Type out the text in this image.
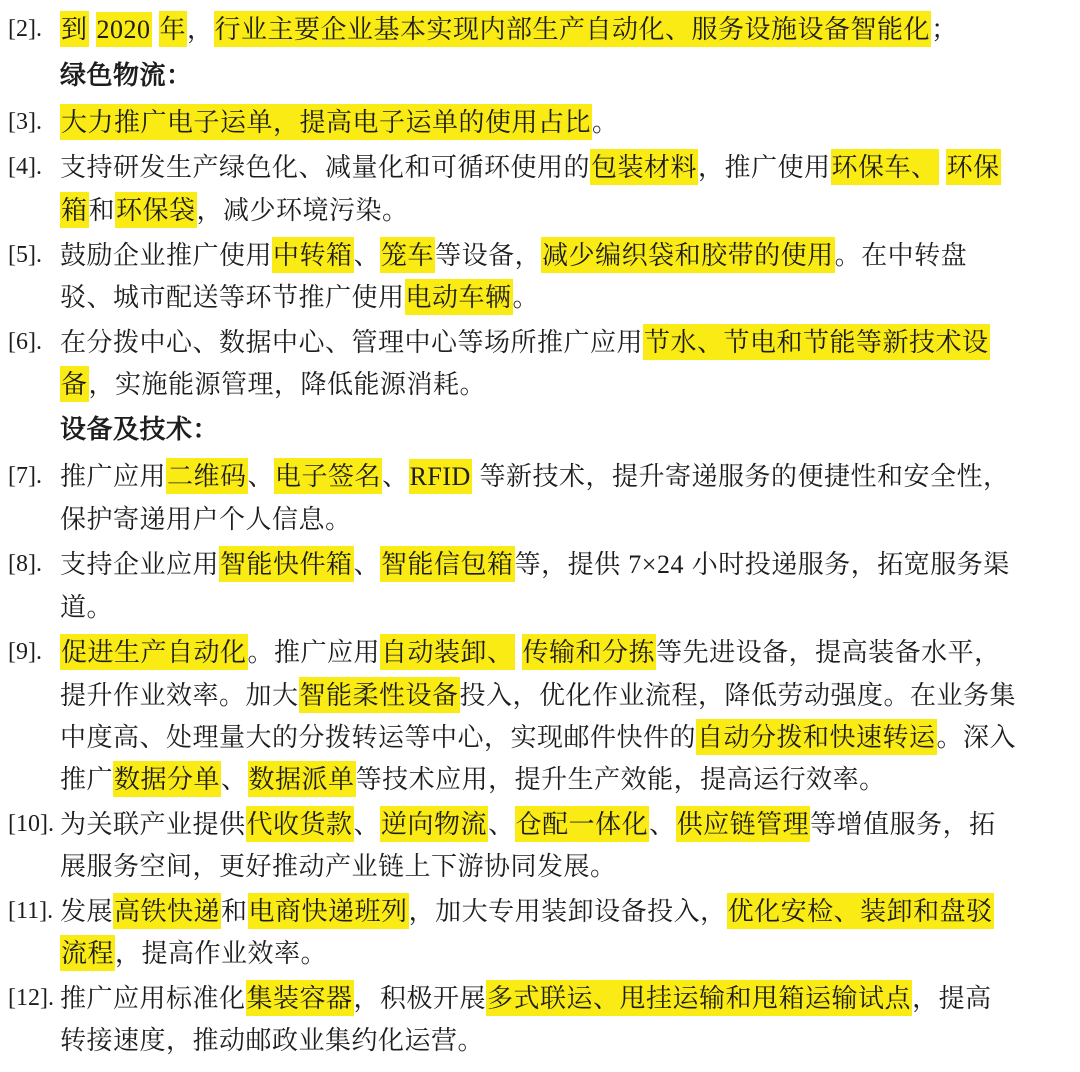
[2]. 到 2020 年，行业主要企业基本实现内部生产自动化、服务设施设备智能化；
绿色物流：
[3]. 大力推广电子运单，提高电子运单的使用占比。
[4]. 支持研发生产绿色化、减量化和可循环使用的包装材料，推广使用环保车、 环保箱和环保袋，减少环境污染。
[5]. 鼓励企业推广使用中转箱、笼车等设备，减少编织袋和胶带的使用。在中转盘驳、城市配送等环节推广使用电动车辆。
[6]. 在分拨中心、数据中心、管理中心等场所推广应用节水、节电和节能等新技术设备，实施能源管理，降低能源消耗。
设备及技术：
[7]. 推广应用二维码、电子签名、RFID 等新技术，提升寄递服务的便捷性和安全性，保护寄递用户个人信息。
[8]. 支持企业应用智能快件箱、智能信包箱等，提供 7×24 小时投递服务，拓宽服务渠道。
[9]. 促进生产自动化。推广应用自动装卸、 传输和分拣等先进设备，提高装备水平，提升作业效率。加大智能柔性设备投入，优化作业流程，降低劳动强度。在业务集中度高、处理量大的分拨转运等中心，实现邮件快件的自动分拨和快速转运。深入推广数据分单、数据派单等技术应用，提升生产效能，提高运行效率。
[10]. 为关联产业提供代收货款、逆向物流、仓配一体化、供应链管理等增值服务，拓展服务空间，更好推动产业链上下游协同发展。
[11]. 发展高铁快递和电商快递班列，加大专用装卸设备投入，优化安检、装卸和盘驳流程，提高作业效率。
[12]. 推广应用标准化集装容器，积极开展多式联运、甩挂运输和甩箱运输试点，提高转接速度，推动邮政业集约化运营。
